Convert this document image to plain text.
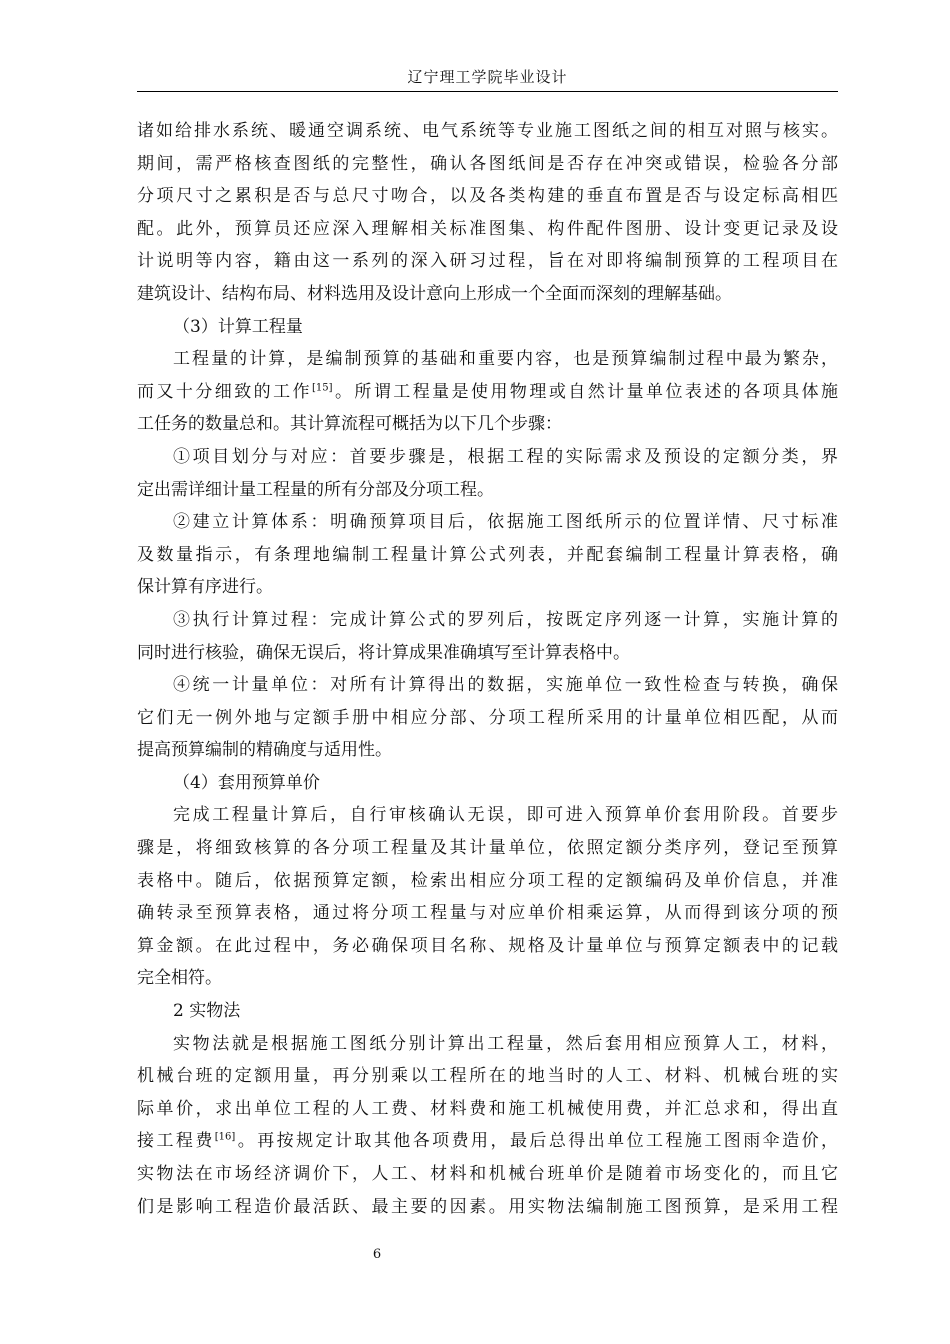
辽宁理工学院毕业设计
诸如给排水系统、暖通空调系统、电气系统等专业施工图纸之间的相互对照与核实。
期间，需严格核查图纸的完整性，确认各图纸间是否存在冲突或错误，检验各分部
分项尺寸之累积是否与总尺寸吻合，以及各类构建的垂直布置是否与设定标高相匹
配。此外，预算员还应深入理解相关标准图集、构件配件图册、设计变更记录及设
计说明等内容，籍由这一系列的深入研习过程，旨在对即将编制预算的工程项目在
建筑设计、结构布局、材料选用及设计意向上形成一个全面而深刻的理解基础。
（3）计算工程量
工程量的计算，是编制预算的基础和重要内容，也是预算编制过程中最为繁杂，
而又十分细致的工作[15]。所谓工程量是使用物理或自然计量单位表述的各项具体施
工任务的数量总和。其计算流程可概括为以下几个步骤：
①项目划分与对应：首要步骤是，根据工程的实际需求及预设的定额分类，界
定出需详细计量工程量的所有分部及分项工程。
②建立计算体系：明确预算项目后，依据施工图纸所示的位置详情、尺寸标准
及数量指示，有条理地编制工程量计算公式列表，并配套编制工程量计算表格，确
保计算有序进行。
③执行计算过程：完成计算公式的罗列后，按既定序列逐一计算，实施计算的
同时进行核验，确保无误后，将计算成果准确填写至计算表格中。
④统一计量单位：对所有计算得出的数据，实施单位一致性检查与转换，确保
它们无一例外地与定额手册中相应分部、分项工程所采用的计量单位相匹配，从而
提高预算编制的精确度与适用性。
（4）套用预算单价
完成工程量计算后，自行审核确认无误，即可进入预算单价套用阶段。首要步
骤是，将细致核算的各分项工程量及其计量单位，依照定额分类序列，登记至预算
表格中。随后，依据预算定额，检索出相应分项工程的定额编码及单价信息，并准
确转录至预算表格，通过将分项工程量与对应单价相乘运算，从而得到该分项的预
算金额。在此过程中，务必确保项目名称、规格及计量单位与预算定额表中的记载
完全相符。
2 实物法
实物法就是根据施工图纸分别计算出工程量，然后套用相应预算人工，材料，
机械台班的定额用量，再分别乘以工程所在的地当时的人工、材料、机械台班的实
际单价，求出单位工程的人工费、材料费和施工机械使用费，并汇总求和，得出直
接工程费[16]。再按规定计取其他各项费用，最后总得出单位工程施工图雨伞造价，
实物法在市场经济调价下，人工、材料和机械台班单价是随着市场变化的，而且它
们是影响工程造价最活跃、最主要的因素。用实物法编制施工图预算，是采用工程
6
